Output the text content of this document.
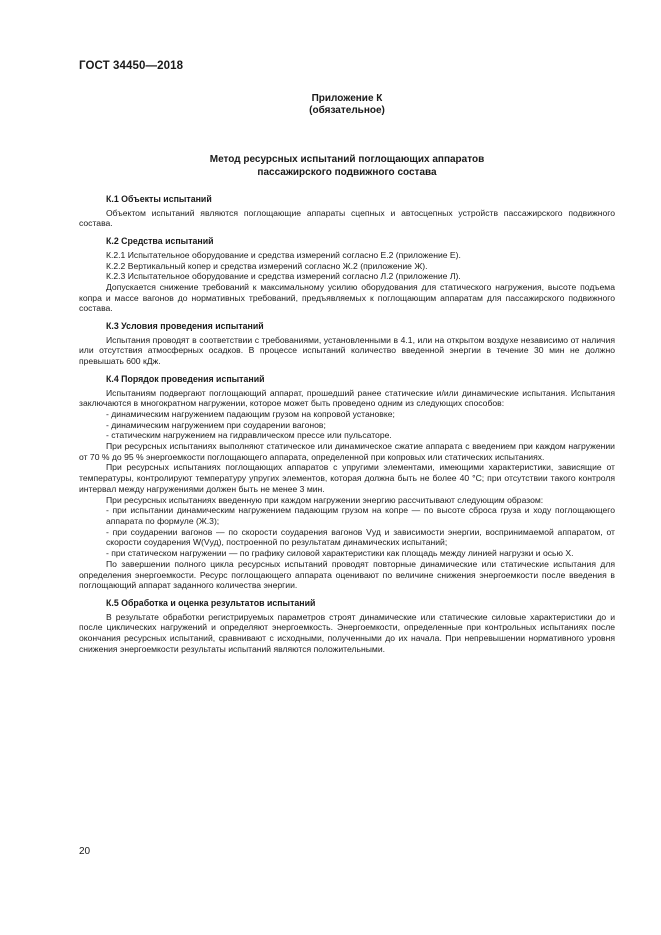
ГОСТ 34450—2018
Приложение К
(обязательное)
Метод ресурсных испытаний поглощающих аппаратов
пассажирского подвижного состава
К.1 Объекты испытаний

Объектом испытаний являются поглощающие аппараты сцепных и автосцепных устройств пассажирского подвижного состава.

К.2 Средства испытаний

К.2.1 Испытательное оборудование и средства измерений согласно Е.2 (приложение Е).

К.2.2 Вертикальный копер и средства измерений согласно Ж.2 (приложение Ж).

К.2.3 Испытательное оборудование и средства измерений согласно Л.2 (приложение Л).

Допускается снижение требований к максимальному усилию оборудования для статического нагружения, высоте подъема копра и массе вагонов до нормативных требований, предъявляемых к поглощающим аппаратам для пассажирского подвижного состава.

К.3 Условия проведения испытаний

Испытания проводят в соответствии с требованиями, установленными в 4.1, или на открытом воздухе независимо от наличия или отсутствия атмосферных осадков. В процессе испытаний количество введенной энергии в течение 30 мин не должно превышать 600 кДж.

К.4 Порядок проведения испытаний

Испытаниям подвергают поглощающий аппарат, прошедший ранее статические и/или динамические испытания. Испытания заключаются в многократном нагружении, которое может быть проведено одним из следующих способов:

- динамическим нагружением падающим грузом на копровой установке;

- динамическим нагружением при соударении вагонов;

- статическим нагружением на гидравлическом прессе или пульсаторе.

При ресурсных испытаниях выполняют статическое или динамическое сжатие аппарата с введением при каждом нагружении от 70 % до 95 % энергоемкости поглощающего аппарата, определенной при копровых или статических испытаниях.

При ресурсных испытаниях поглощающих аппаратов с упругими элементами, имеющими характеристики, зависящие от температуры, контролируют температуру упругих элементов, которая должна быть не более 40 °С; при отсутствии такого контроля интервал между нагружениями должен быть не менее 3 мин.

При ресурсных испытаниях введенную при каждом нагружении энергию рассчитывают следующим образом:

- при испытании динамическим нагружением падающим грузом на копре — по высоте сброса груза и ходу поглощающего аппарата по формуле (Ж.3);

- при соударении вагонов — по скорости соударения вагонов Vуд и зависимости энергии, воспринимаемой аппаратом, от скорости соударения W(Vуд), построенной по результатам динамических испытаний;

- при статическом нагружении — по графику силовой характеристики как площадь между линией нагрузки и осью X.

По завершении полного цикла ресурсных испытаний проводят повторные динамические или статические испытания для определения энергоемкости. Ресурс поглощающего аппарата оценивают по величине снижения энергоемкости после введения в поглощающий аппарат заданного количества энергии.

К.5 Обработка и оценка результатов испытаний

В результате обработки регистрируемых параметров строят динамические или статические силовые характеристики до и после циклических нагружений и определяют энергоемкость. Энергоемкости, определенные при контрольных испытаниях после окончания ресурсных испытаний, сравнивают с исходными, полученными до их начала. При непревышении нормативного уровня снижения энергоемкости результаты испытаний являются положительными.

20
